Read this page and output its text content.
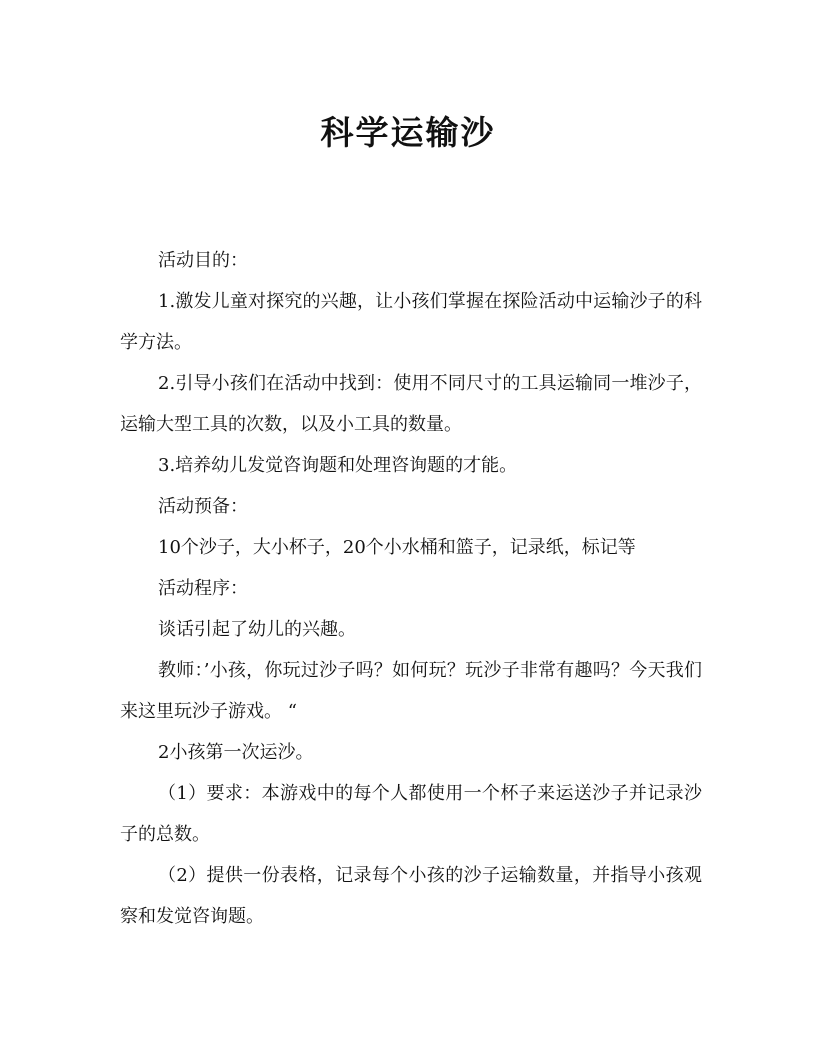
科学运输沙

活动目的：

1.激发儿童对探究的兴趣，让小孩们掌握在探险活动中运输沙子的科学方法。

2.引导小孩们在活动中找到：使用不同尺寸的工具运输同一堆沙子，运输大型工具的次数，以及小工具的数量。

3.培养幼儿发觉咨询题和处理咨询题的才能。

活动预备：

10个沙子，大小杯子，20个小水桶和篮子，记录纸，标记等

活动程序：

谈话引起了幼儿的兴趣。

教师：’小孩，你玩过沙子吗？如何玩？玩沙子非常有趣吗？今天我们来这里玩沙子游戏。 “

2小孩第一次运沙。

（1）要求：本游戏中的每个人都使用一个杯子来运送沙子并记录沙子的总数。

（2）提供一份表格，记录每个小孩的沙子运输数量，并指导小孩观察和发觉咨询题。
